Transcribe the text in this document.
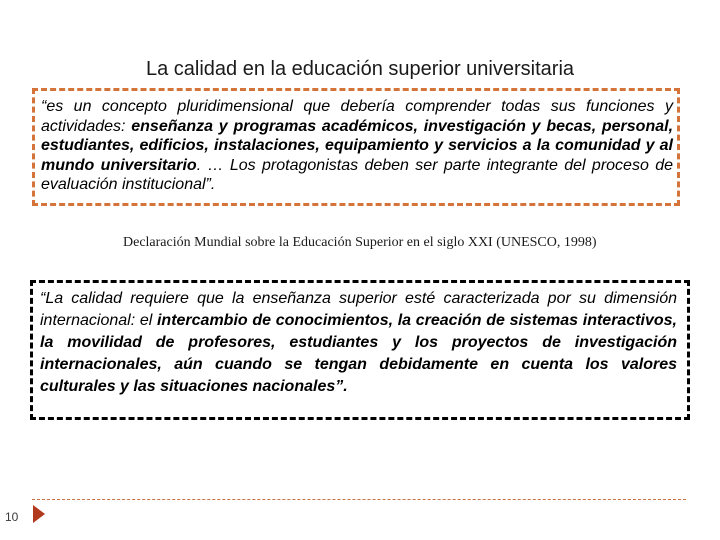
La calidad en la educación superior universitaria

“es un concepto pluridimensional que debería comprender todas sus funciones y actividades: enseñanza y programas académicos, investigación y becas, personal, estudiantes, edificios, instalaciones, equipamiento y servicios a la comunidad y al mundo universitario. … Los protagonistas deben ser parte integrante del proceso de evaluación institucional”.

Declaración Mundial sobre la Educación Superior en el siglo XXI (UNESCO, 1998)

“La calidad requiere que la enseñanza superior esté caracterizada por su dimensión internacional: el intercambio de conocimientos, la creación de sistemas interactivos, la movilidad de profesores, estudiantes y los proyectos de investigación internacionales, aún cuando se tengan debidamente en cuenta los valores culturales y las situaciones nacionales”.

10
